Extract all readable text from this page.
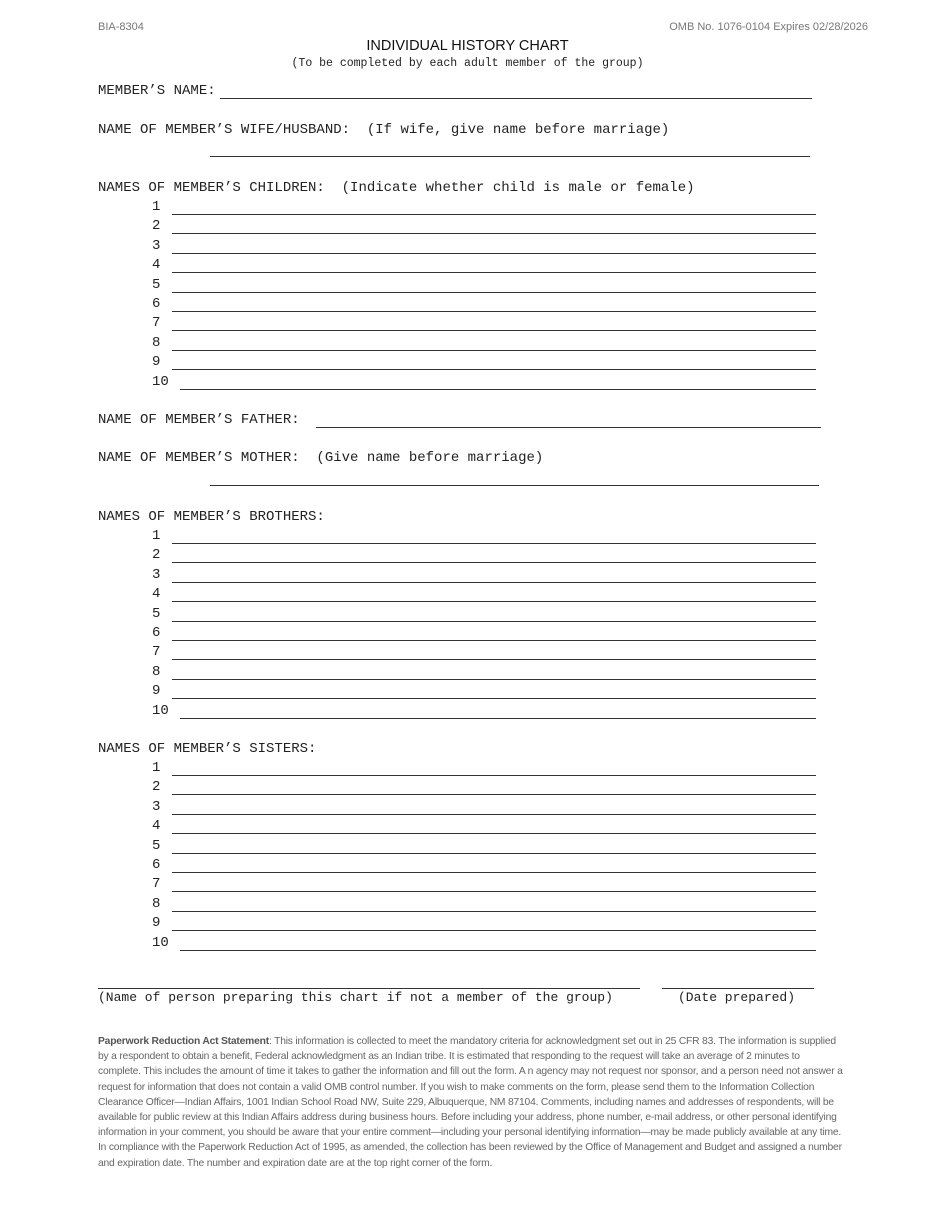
BIA-8304	OMB No. 1076-0104 Expires 02/28/2026
INDIVIDUAL HISTORY CHART
(To be completed by each adult member of the group)
MEMBER’S NAME:
NAME OF MEMBER’S WIFE/HUSBAND:  (If wife, give name before marriage)
NAMES OF MEMBER’S CHILDREN:  (Indicate whether child is male or female)
1
2
3
4
5
6
7
8
9
10
NAME OF MEMBER’S FATHER:
NAME OF MEMBER’S MOTHER:  (Give name before marriage)
NAMES OF MEMBER’S BROTHERS:
1
2
3
4
5
6
7
8
9
10
NAMES OF MEMBER’S SISTERS:
1
2
3
4
5
6
7
8
9
10
(Name of person preparing this chart if not a member of the group)	(Date prepared)
Paperwork Reduction Act Statement: This information is collected to meet the mandatory criteria for acknowledgment set out in 25 CFR 83. The information is supplied by a respondent to obtain a benefit, Federal acknowledgment as an Indian tribe. It is estimated that responding to the request will take an average of 2 minutes to complete. This includes the amount of time it takes to gather the information and fill out the form. A n agency may not request nor sponsor, and a person need not answer a request for information that does not contain a valid OMB control number. If you wish to make comments on the form, please send them to the Information Collection Clearance Officer—Indian Affairs, 1001 Indian School Road NW, Suite 229, Albuquerque, NM 87104. Comments, including names and addresses of respondents, will be available for public review at this Indian Affairs address during business hours. Before including your address, phone number, e-mail address, or other personal identifying information in your comment, you should be aware that your entire comment—including your personal identifying information—may be made publicly available at any time. In compliance with the Paperwork Reduction Act of 1995, as amended, the collection has been reviewed by the Office of Management and Budget and assigned a number and expiration date. The number and expiration date are at the top right corner of the form.
